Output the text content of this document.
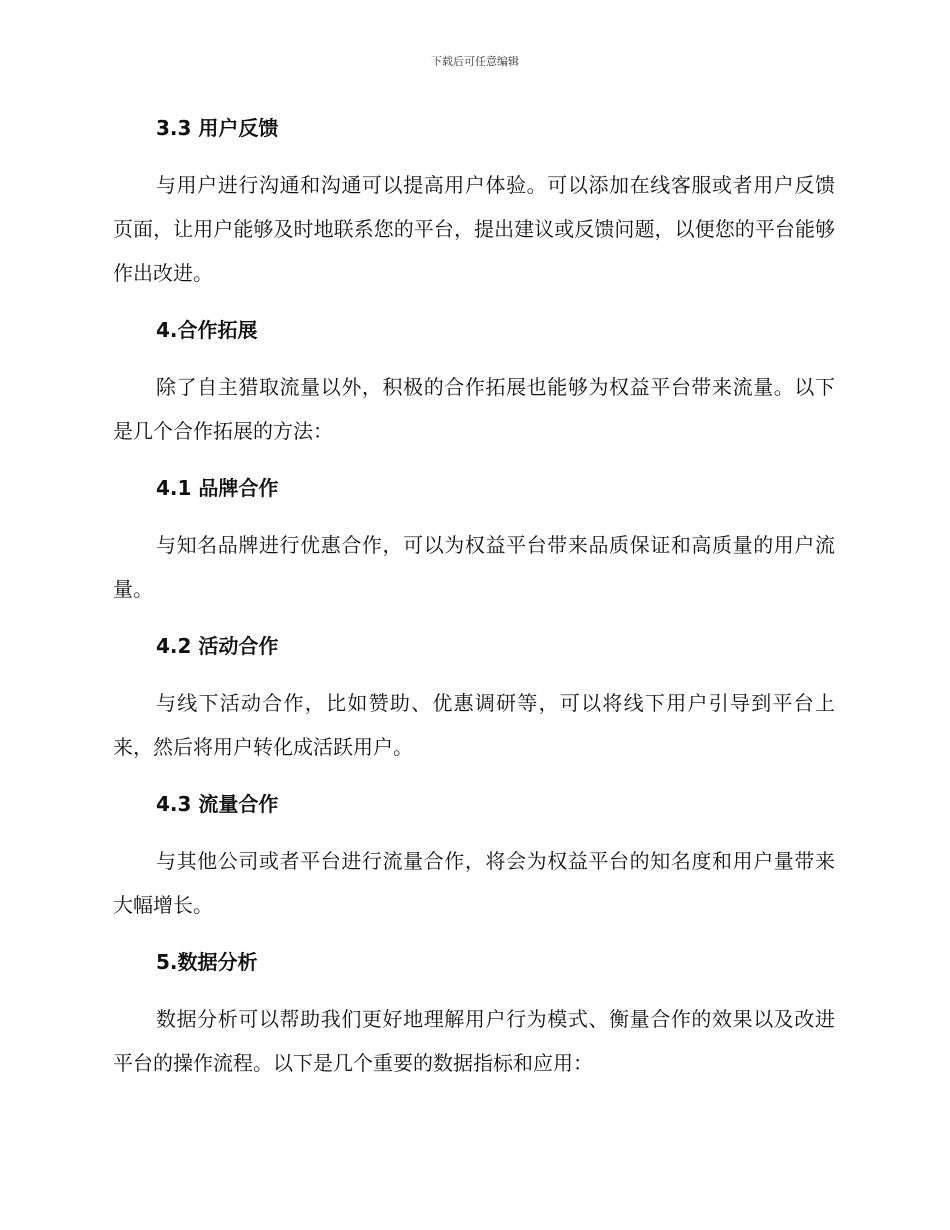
下载后可任意编辑
3.3 用户反馈

与用户进行沟通和沟通可以提高用户体验。可以添加在线客服或者用户反馈页面，让用户能够及时地联系您的平台，提出建议或反馈问题，以便您的平台能够作出改进。

4.合作拓展

除了自主猎取流量以外，积极的合作拓展也能够为权益平台带来流量。以下是几个合作拓展的方法：

4.1 品牌合作

与知名品牌进行优惠合作，可以为权益平台带来品质保证和高质量的用户流量。

4.2 活动合作

与线下活动合作，比如赞助、优惠调研等，可以将线下用户引导到平台上来，然后将用户转化成活跃用户。

4.3 流量合作

与其他公司或者平台进行流量合作，将会为权益平台的知名度和用户量带来大幅增长。

5.数据分析

数据分析可以帮助我们更好地理解用户行为模式、衡量合作的效果以及改进平台的操作流程。以下是几个重要的数据指标和应用：
